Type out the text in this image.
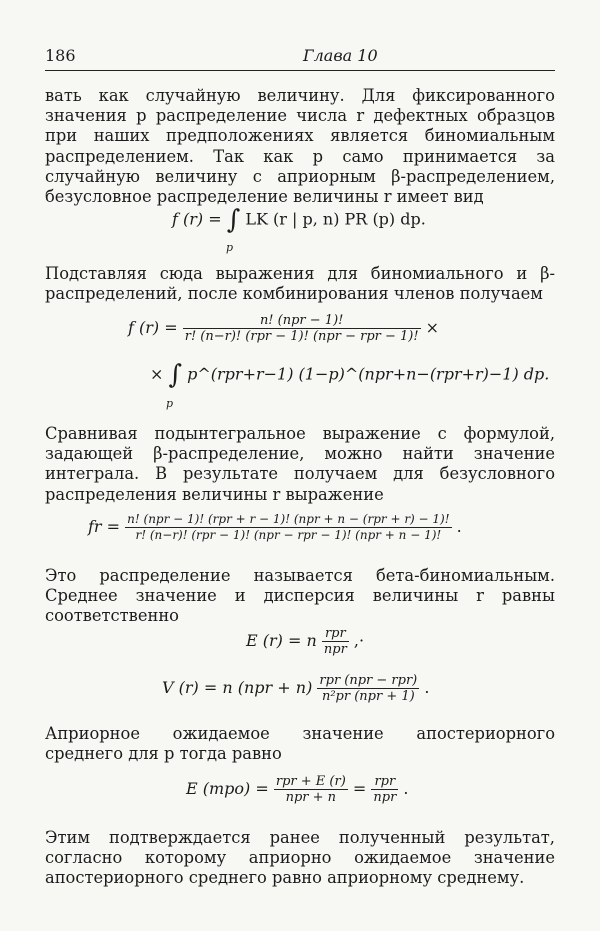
186	Глава 10

вать как случайную величину. Для фиксированного значения p распределение числа r дефектных образцов при наших предположениях является биномиальным распределением. Так как p само принимается за случайную величину с априорным β-распределением, безусловное распределение величины r имеет вид

f (r) = ∫ LK (r | p, n) PR (p) dp.
p

Подставляя сюда выражения для биномиального и β-распределений, после комбинирования членов получаем

f $(r) = \frac{\text{n! (npr − 1)!}}{\text{r! (n−r)! (rpr − 1)! (npr − rpr − 1)!}}$ ×
× ∫ p^(rpr+r−1) (1−p)^(npr+n−(rpr+r)−1) dp.
p

Сравнивая подынтегральное выражение с формулой, задающей β-распределение, можно найти значение интеграла. В результате получаем для безусловного распределения величины r выражение

fr = $\frac{\text{n! (npr − 1)! (rpr + r − 1)! (npr + n − (rpr + r) − 1)!}}{\text{r! (n−r)! (rpr − 1)! (npr − rpr − 1)! (npr + n − 1)!}}$ .

Это распределение называется бета-биномиальным. Среднее значение и дисперсия величины r равны соответственно

E (r) = n $\frac{\text{rpr}}{\text{npr}}$ ,·
V (r) = n $(npr + n) \frac{\text{rpr (npr − rpr)}}{\text{n²pr (npr + 1)}}$ .

Априорное ожидаемое значение апостериорного среднего для p тогда равно

E $(mpo) = \frac{\text{rpr + E (r)}}{\text{npr + n}} = \frac{\text{rpr}}{\text{npr}}$ .

Этим подтверждается ранее полученный результат, согласно которому априорно ожидаемое значение апостериорного среднего равно априорному среднему.
